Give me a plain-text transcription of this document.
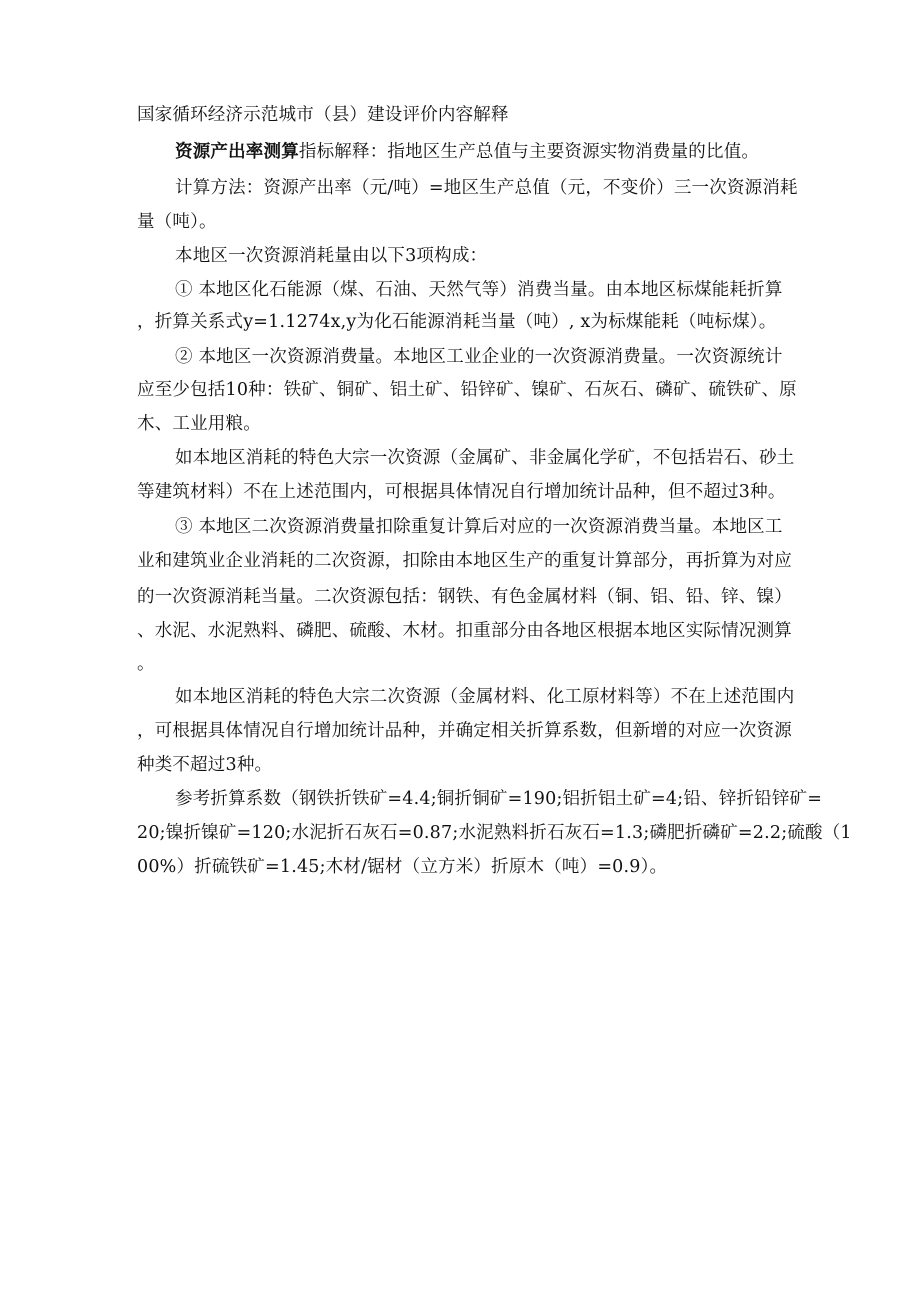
国家循环经济示范城市（县）建设评价内容解释
资源产出率测算指标解释：指地区生产总值与主要资源实物消费量的比值。
计算方法：资源产出率（元/吨）=地区生产总值（元，不变价）三一次资源消耗
量（吨）。
本地区一次资源消耗量由以下3项构成：
① 本地区化石能源（煤、石油、天然气等）消费当量。由本地区标煤能耗折算
，折算关系式y=1.1274x,y为化石能源消耗当量（吨）, x为标煤能耗（吨标煤）。
② 本地区一次资源消费量。本地区工业企业的一次资源消费量。一次资源统计
应至少包括10种：铁矿、铜矿、铝土矿、铅锌矿、镍矿、石灰石、磷矿、硫铁矿、原
木、工业用粮。
如本地区消耗的特色大宗一次资源（金属矿、非金属化学矿，不包括岩石、砂土
等建筑材料）不在上述范围内，可根据具体情况自行增加统计品种，但不超过3种。
③ 本地区二次资源消费量扣除重复计算后对应的一次资源消费当量。本地区工
业和建筑业企业消耗的二次资源，扣除由本地区生产的重复计算部分，再折算为对应
的一次资源消耗当量。二次资源包括：钢铁、有色金属材料（铜、铝、铅、锌、镍）
、水泥、水泥熟料、磷肥、硫酸、木材。扣重部分由各地区根据本地区实际情况测算
。
如本地区消耗的特色大宗二次资源（金属材料、化工原材料等）不在上述范围内
，可根据具体情况自行增加统计品种，并确定相关折算系数，但新增的对应一次资源
种类不超过3种。
参考折算系数（钢铁折铁矿=4.4;铜折铜矿=190;铝折铝土矿=4;铅、锌折铅锌矿=
20;镍折镍矿=120;水泥折石灰石=0.87;水泥熟料折石灰石=1.3;磷肥折磷矿=2.2;硫酸（1
00%）折硫铁矿=1.45;木材/锯材（立方米）折原木（吨）=0.9）。
